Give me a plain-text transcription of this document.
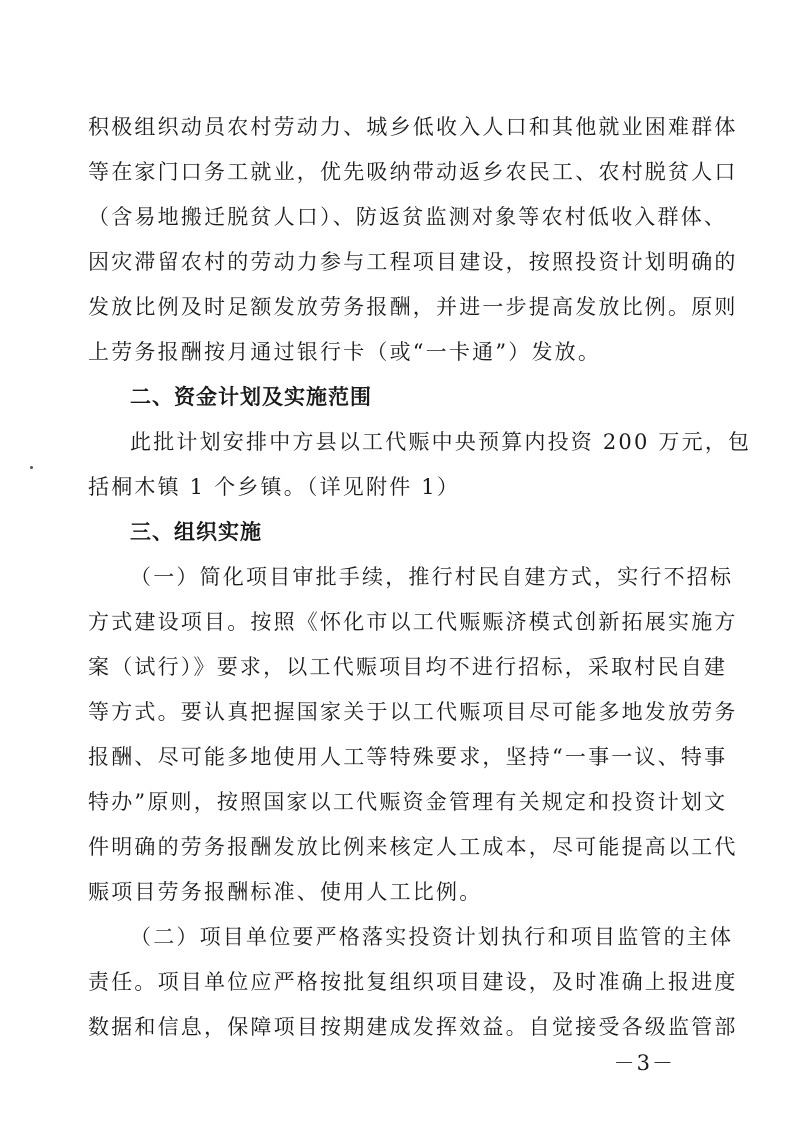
积极组织动员农村劳动力、城乡低收入人口和其他就业困难群体
等在家门口务工就业，优先吸纳带动返乡农民工、农村脱贫人口
（含易地搬迁脱贫人口）、防返贫监测对象等农村低收入群体、
因灾滞留农村的劳动力参与工程项目建设，按照投资计划明确的
发放比例及时足额发放劳务报酬，并进一步提高发放比例。原则
上劳务报酬按月通过银行卡（或“一卡通”）发放。
二、资金计划及实施范围
此批计划安排中方县以工代赈中央预算内投资 200 万元，包
括桐木镇 1 个乡镇。（详见附件 1）
三、组织实施
（一）简化项目审批手续，推行村民自建方式，实行不招标
方式建设项目。按照《怀化市以工代赈赈济模式创新拓展实施方
案（试行）》要求，以工代赈项目均不进行招标，采取村民自建
等方式。要认真把握国家关于以工代赈项目尽可能多地发放劳务
报酬、尽可能多地使用人工等特殊要求，坚持“一事一议、特事
特办”原则，按照国家以工代赈资金管理有关规定和投资计划文
件明确的劳务报酬发放比例来核定人工成本，尽可能提高以工代
赈项目劳务报酬标准、使用人工比例。
（二）项目单位要严格落实投资计划执行和项目监管的主体
责任。项目单位应严格按批复组织项目建设，及时准确上报进度
数据和信息，保障项目按期建成发挥效益。自觉接受各级监管部
－3－
